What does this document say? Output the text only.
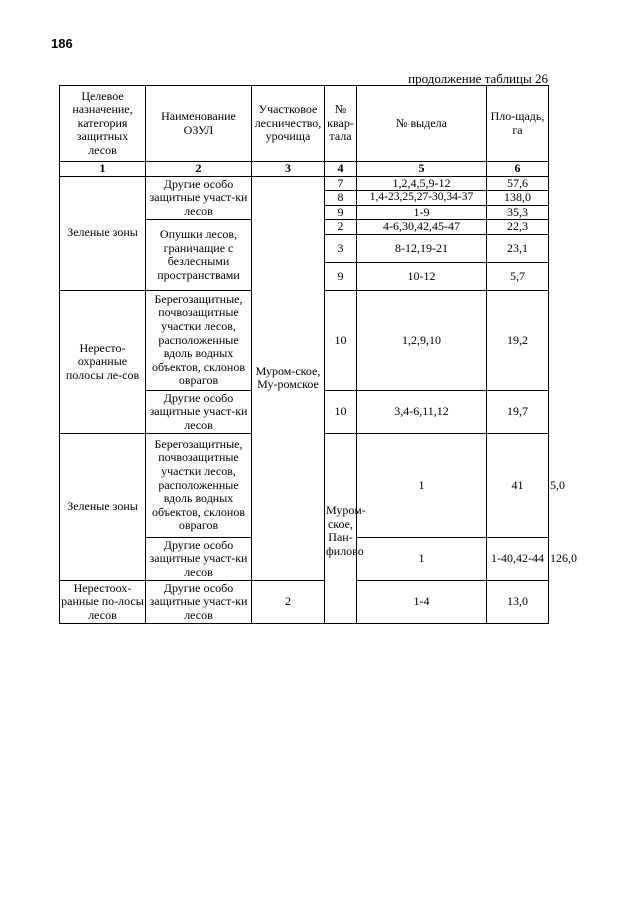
186
продолжение таблицы 26
Целевое назначение, категория защитных лесов	Наименование ОЗУЛ	Участковое лесничество, урочища	№ квар-тала	№ выдела	Пло-щадь, га	
1	2	3	4	5	6	
Зеленые зоны	Другие особо защитные участ-ки лесов	Муром-ское, Му-ромское	7	1,2,4,5,9-12	57,6	
			8	1,4-23,25,27-30,34-37	138,0	
			9	1-9	35,3	
	Опушки лесов, граничащие с безлесными пространствами		2	4-6,30,42,45-47	22,3	
			3	8-12,19-21	23,1	

			9	10-12	5,7	
Нересто-охранные полосы ле-сов	Берегозащитные, почвозащитные участки лесов, расположенные вдоль водных объектов, склонов оврагов		10	1,2,9,10	19,2	
	Другие особо защитные участ-ки лесов		10	3,4-6,11,12	19,7	
Зеленые зоны	Берегозащитные, почвозащитные участки лесов, расположенные вдоль водных объектов, склонов оврагов		Муром-ское, Пан-филово	1	41	5,0
	Другие особо защитные участ-ки лесов			1	1-40,42-44	126,0
Нерестоох-ранные по-лосы лесов	Другие особо защитные участ-ки лесов	2		1-4	13,0	
